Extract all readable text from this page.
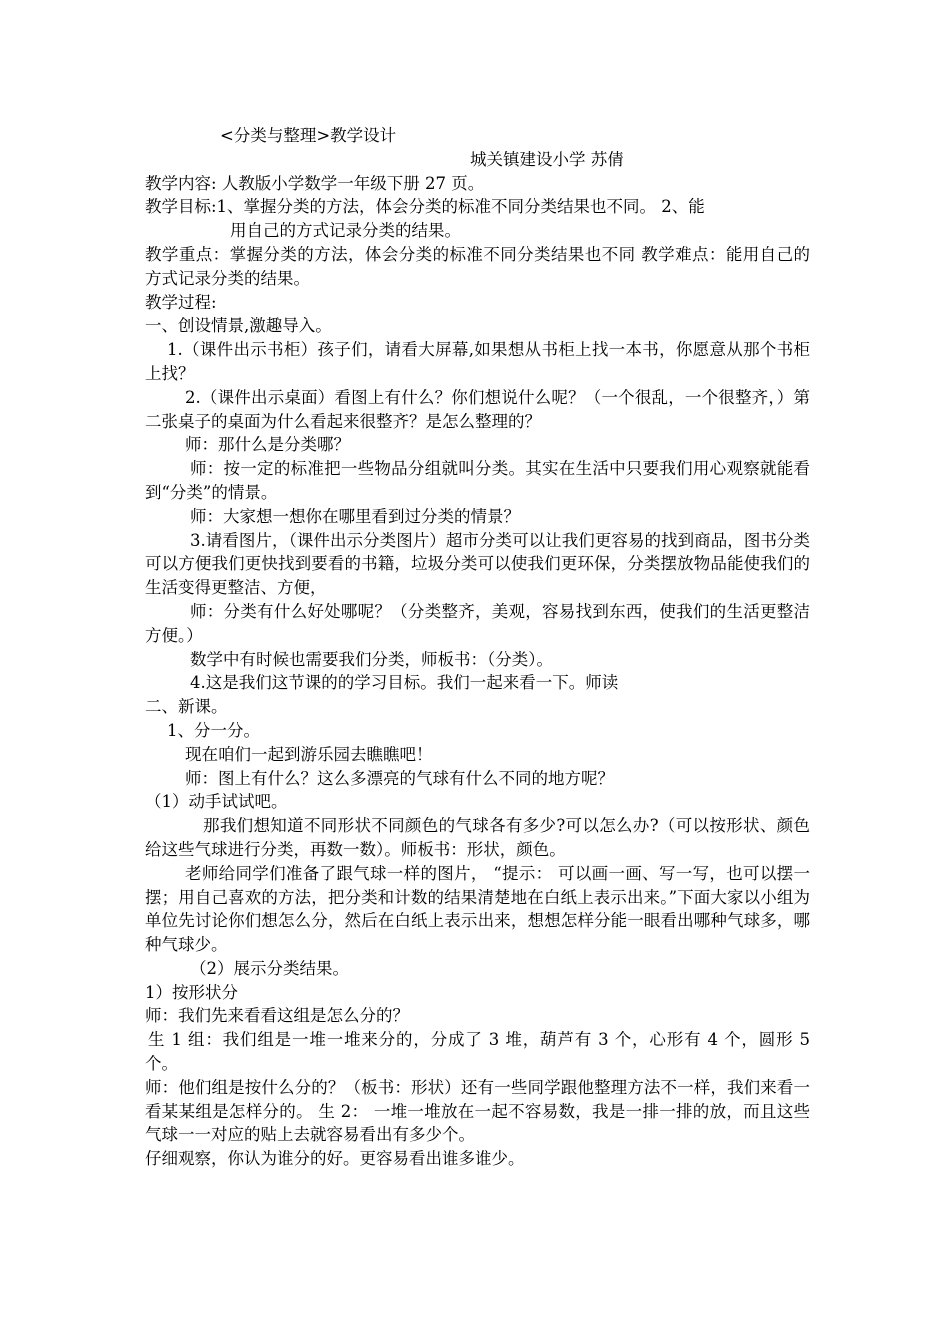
<分类与整理>教学设计

城关镇建设小学 苏倩

教学内容: 人教版小学数学一年级下册 27 页。

教学目标:1、掌握分类的方法，体会分类的标准不同分类结果也不同。 2、能

用自己的方式记录分类的结果。

教学重点：掌握分类的方法，体会分类的标准不同分类结果也不同 教学难点：能用自己的方式记录分类的结果。

教学过程:

一、创设情景,激趣导入。

1.（课件出示书柜）孩子们，请看大屏幕,如果想从书柜上找一本书，你愿意从那个书柜上找？

2.（课件出示桌面）看图上有什么？你们想说什么呢？（一个很乱，一个很整齐，）第二张桌子的桌面为什么看起来很整齐？是怎么整理的？

师：那什么是分类哪？

师：按一定的标准把一些物品分组就叫分类。其实在生活中只要我们用心观察就能看到“分类”的情景。

师：大家想一想你在哪里看到过分类的情景？

3.请看图片，（课件出示分类图片）超市分类可以让我们更容易的找到商品，图书分类可以方便我们更快找到要看的书籍，垃圾分类可以使我们更环保，分类摆放物品能使我们的生活变得更整洁、方便，

师：分类有什么好处哪呢？（分类整齐，美观，容易找到东西，使我们的生活更整洁方便。）

数学中有时候也需要我们分类，师板书：（分类）。

4.这是我们这节课的的学习目标。我们一起来看一下。师读

二、新课。

1、分一分。

现在咱们一起到游乐园去瞧瞧吧！

师：图上有什么？这么多漂亮的气球有什么不同的地方呢？

（1）动手试试吧。

那我们想知道不同形状不同颜色的气球各有多少?可以怎么办?（可以按形状、颜色给这些气球进行分类，再数一数）。师板书：形状，颜色。

老师给同学们准备了跟气球一样的图片， “提示： 可以画一画、写一写，也可以摆一摆；用自己喜欢的方法，把分类和计数的结果清楚地在白纸上表示出来。”下面大家以小组为单位先讨论你们想怎么分，然后在白纸上表示出来，想想怎样分能一眼看出哪种气球多，哪种气球少。

（2）展示分类结果。

1）按形状分

师：我们先来看看这组是怎么分的？

生 1 组：我们组是一堆一堆来分的，分成了 3 堆，葫芦有 3 个，心形有 4 个，圆形 5 个。

师：他们组是按什么分的？（板书：形状）还有一些同学跟他整理方法不一样，我们来看一看某某组是怎样分的。 生 2： 一堆一堆放在一起不容易数，我是一排一排的放，而且这些气球一一对应的贴上去就容易看出有多少个。

仔细观察，你认为谁分的好。更容易看出谁多谁少。
